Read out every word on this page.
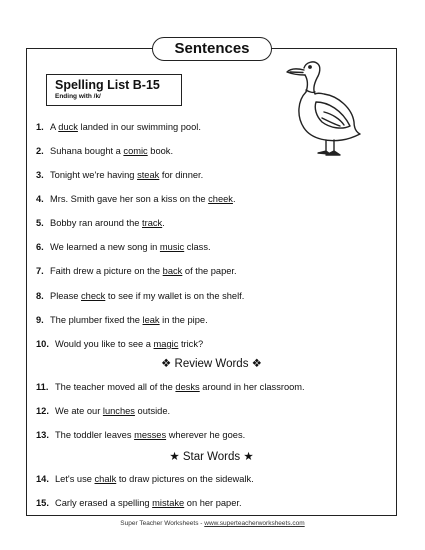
Sentences
Spelling List B-15
Ending with /k/
1. A duck landed in our swimming pool.
2. Suhana bought a comic book.
3. Tonight we're having steak for dinner.
4. Mrs. Smith gave her son a kiss on the cheek.
5. Bobby ran around the track.
6. We learned a new song in music class.
7. Faith drew a picture on the back of the paper.
8. Please check to see if my wallet is on the shelf.
9. The plumber fixed the leak in the pipe.
10. Would you like to see a magic trick?
❖ Review Words ❖
11. The teacher moved all of the desks around in her classroom.
12. We ate our lunches outside.
13. The toddler leaves messes wherever he goes.
★ Star Words ★
14. Let's use chalk to draw pictures on the sidewalk.
15. Carly erased a spelling mistake on her paper.
Super Teacher Worksheets - www.superteacherworksheets.com
